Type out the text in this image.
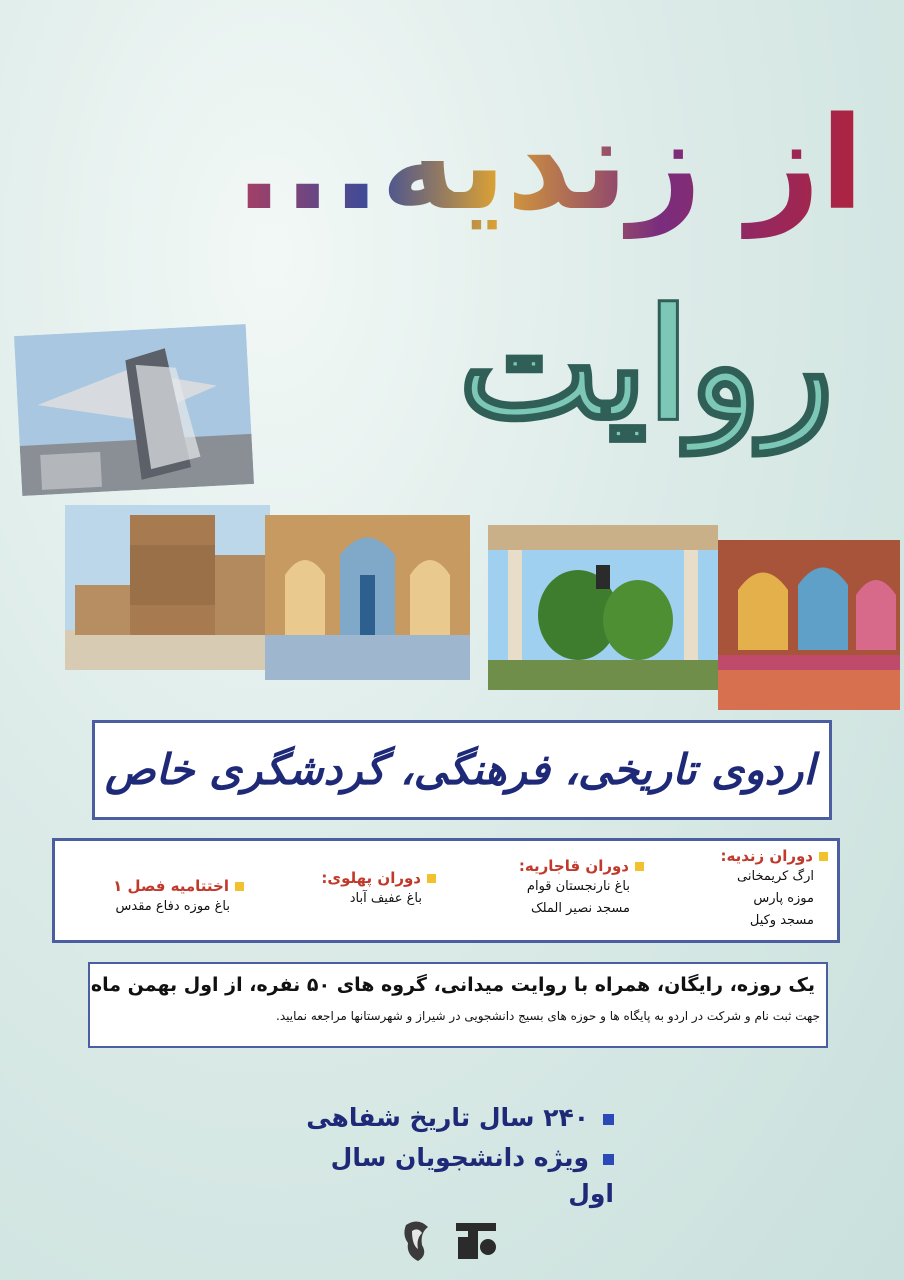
از زندیه...
روایت
اردوی تاریخی، فرهنگی، گردشگری خاص
دوران زندیه:
ارگ کریمخانی
موزه پارس
مسجد وکیل
دوران قاجاریه:
باغ نارنجستان قوام
مسجد نصیر الملک
دوران پهلوی:
باغ عفیف آباد
اختتامیه فصل ۱
باغ موزه دفاع مقدس
یک روزه، رایگان، همراه با روایت میدانی، گروه های ۵۰ نفره، از اول بهمن ماه
جهت ثبت نام و شرکت در اردو به پایگاه ها و حوزه های بسیج دانشجویی در شیراز و شهرستانها مراجعه نمایید.
۲۴۰ سال تاریخ شفاهی
ویژه دانشجویان سال اول
